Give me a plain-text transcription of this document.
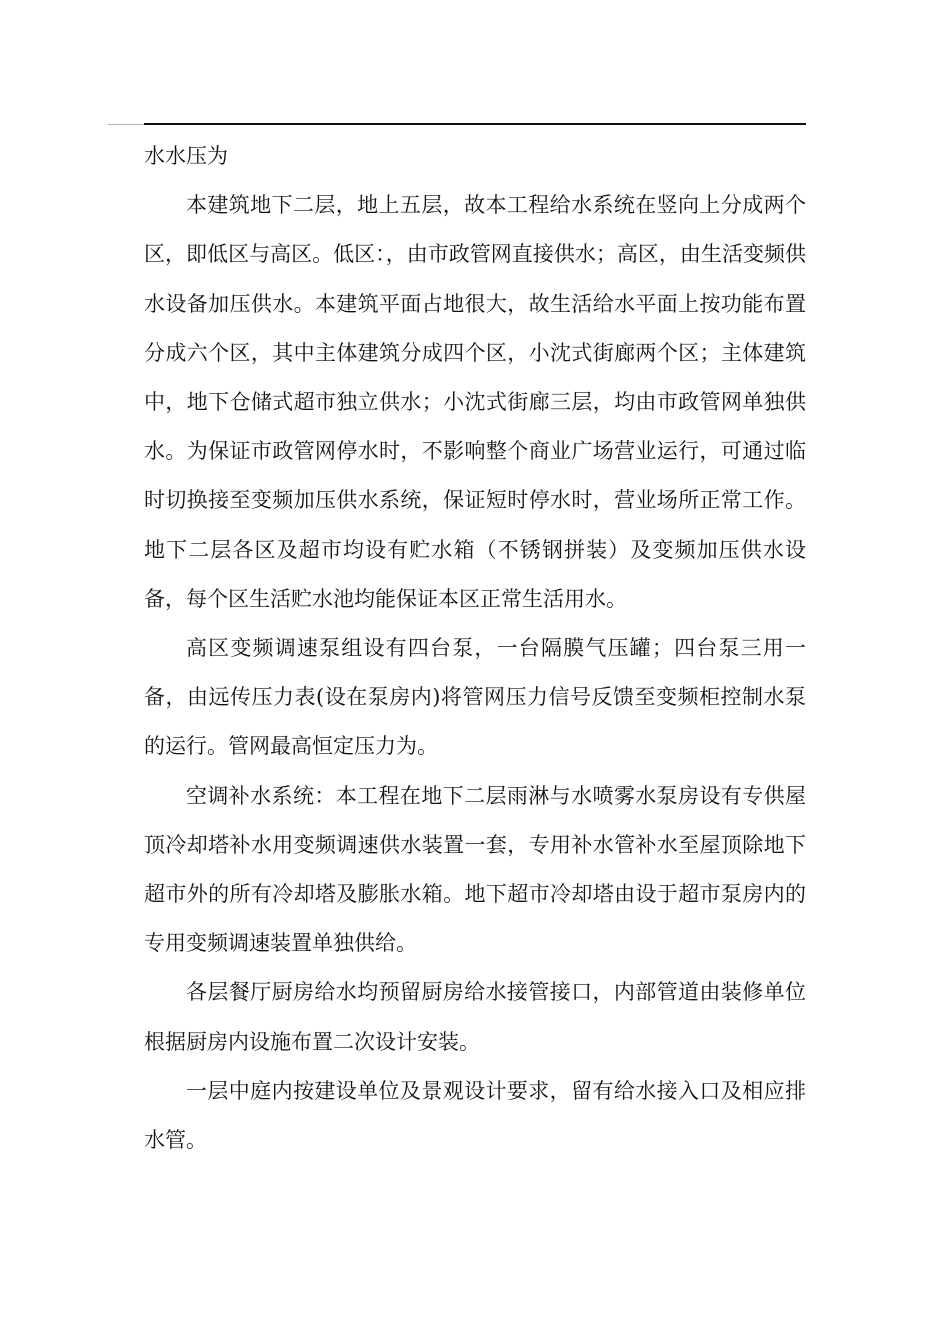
水水压为

本建筑地下二层，地上五层，故本工程给水系统在竖向上分成两个区，即低区与高区。低区：，由市政管网直接供水；高区，由生活变频供水设备加压供水。本建筑平面占地很大，故生活给水平面上按功能布置分成六个区，其中主体建筑分成四个区，小沈式街廊两个区；主体建筑中，地下仓储式超市独立供水；小沈式街廊三层，均由市政管网单独供水。为保证市政管网停水时，不影响整个商业广场营业运行，可通过临时切换接至变频加压供水系统，保证短时停水时，营业场所正常工作。地下二层各区及超市均设有贮水箱（不锈钢拼装）及变频加压供水设备，每个区生活贮水池均能保证本区正常生活用水。

高区变频调速泵组设有四台泵，一台隔膜气压罐；四台泵三用一备，由远传压力表(设在泵房内)将管网压力信号反馈至变频柜控制水泵的运行。管网最高恒定压力为。

空调补水系统：本工程在地下二层雨淋与水喷雾水泵房设有专供屋顶冷却塔补水用变频调速供水装置一套，专用补水管补水至屋顶除地下超市外的所有冷却塔及膨胀水箱。地下超市冷却塔由设于超市泵房内的专用变频调速装置单独供给。

各层餐厅厨房给水均预留厨房给水接管接口，内部管道由装修单位根据厨房内设施布置二次设计安装。

一层中庭内按建设单位及景观设计要求，留有给水接入口及相应排水管。
